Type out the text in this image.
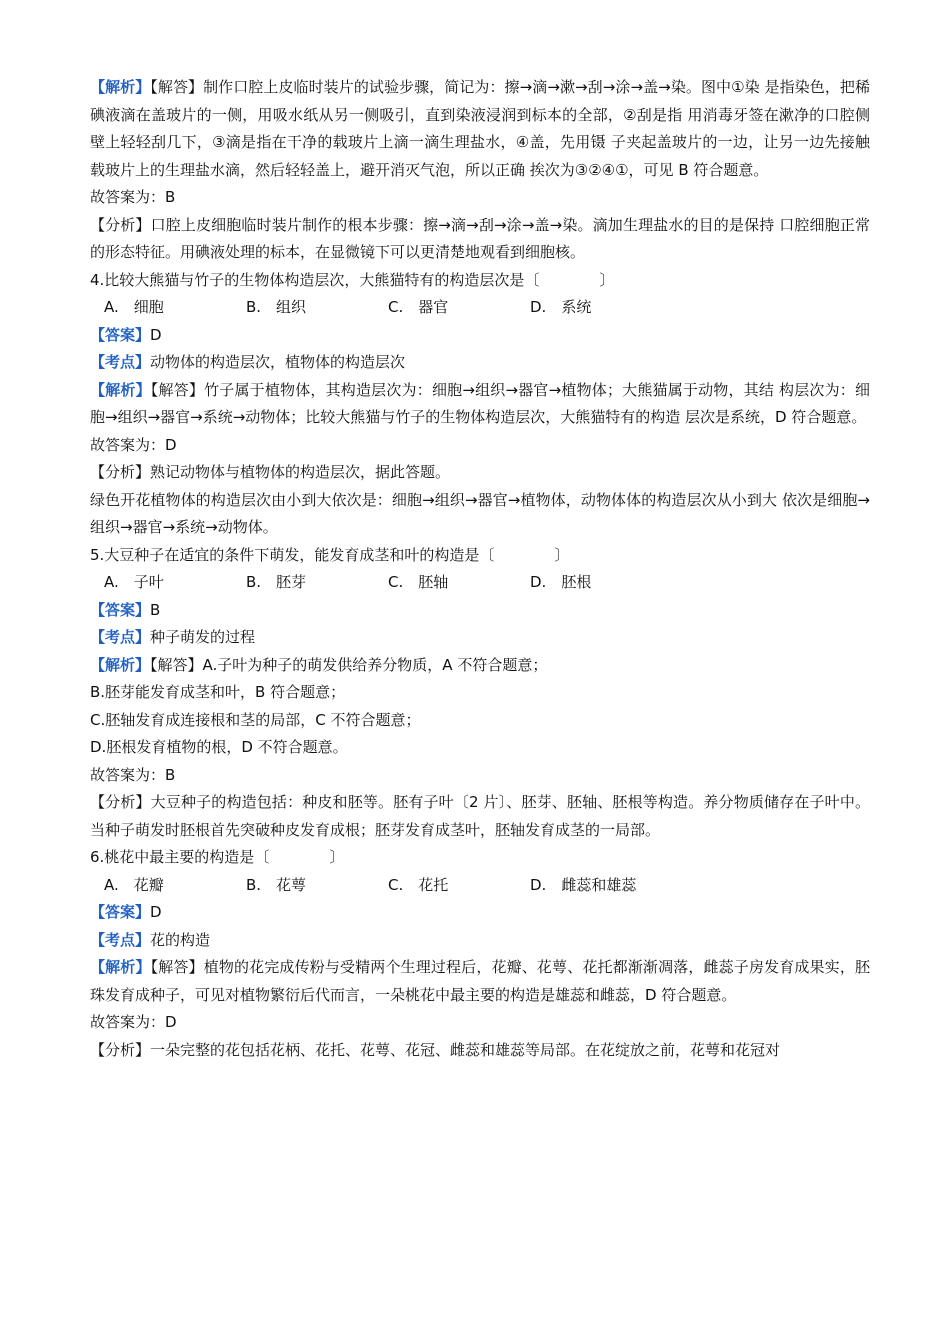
【解析】【解答】制作口腔上皮临时装片的试验步骤，简记为：擦→滴→漱→刮→涂→盖→染。图中①染 是指染色，把稀碘液滴在盖玻片的一侧，用吸水纸从另一侧吸引，直到染液浸润到标本的全部，②刮是指 用消毒牙签在漱净的口腔侧壁上轻轻刮几下，③滴是指在干净的载玻片上滴一滴生理盐水，④盖，先用镊 子夹起盖玻片的一边，让另一边先接触载玻片上的生理盐水滴，然后轻轻盖上，避开消灭气泡，所以正确 挨次为③②④①，可见 B 符合题意。
故答案为：B
【分析】口腔上皮细胞临时装片制作的根本步骤：擦→滴→刮→涂→盖→染。滴加生理盐水的目的是保持 口腔细胞正常的形态特征。用碘液处理的标本，在显微镜下可以更清楚地观看到细胞核。
4.比较大熊猫与竹子的生物体构造层次，大熊猫特有的构造层次是〔　　　　〕
A.　细胞	B.　组织	C.　器官	D.　系统
【答案】D
【考点】动物体的构造层次，植物体的构造层次
【解析】【解答】竹子属于植物体，其构造层次为：细胞→组织→器官→植物体；大熊猫属于动物，其结 构层次为：细胞→组织→器官→系统→动物体；比较大熊猫与竹子的生物体构造层次，大熊猫特有的构造 层次是系统，D 符合题意。
故答案为：D
【分析】熟记动物体与植物体的构造层次，据此答题。
绿色开花植物体的构造层次由小到大依次是：细胞→组织→器官→植物体，动物体体的构造层次从小到大 依次是细胞→组织→器官→系统→动物体。
5.大豆种子在适宜的条件下萌发，能发育成茎和叶的构造是〔　　　　〕
A.　子叶	B.　胚芽	C.　胚轴	D.　胚根
【答案】B
【考点】种子萌发的过程
【解析】【解答】A.子叶为种子的萌发供给养分物质，A 不符合题意；
B.胚芽能发育成茎和叶，B 符合题意；
C.胚轴发育成连接根和茎的局部，C 不符合题意；
D.胚根发育植物的根，D 不符合题意。
故答案为：B
【分析】大豆种子的构造包括：种皮和胚等。胚有子叶〔2 片〕、胚芽、胚轴、胚根等构造。养分物质储存在子叶中。当种子萌发时胚根首先突破种皮发育成根；胚芽发育成茎叶，胚轴发育成茎的一局部。
6.桃花中最主要的构造是〔　　　　〕
A.　花瓣	B.　花萼	C.　花托	D.　雌蕊和雄蕊
【答案】D
【考点】花的构造
【解析】【解答】植物的花完成传粉与受精两个生理过程后，花瓣、花萼、花托都渐渐凋落，雌蕊子房发育成果实，胚珠发育成种子，可见对植物繁衍后代而言，一朵桃花中最主要的构造是雄蕊和雌蕊，D 符合题意。
故答案为：D
【分析】一朵完整的花包括花柄、花托、花萼、花冠、雌蕊和雄蕊等局部。在花绽放之前，花萼和花冠对
